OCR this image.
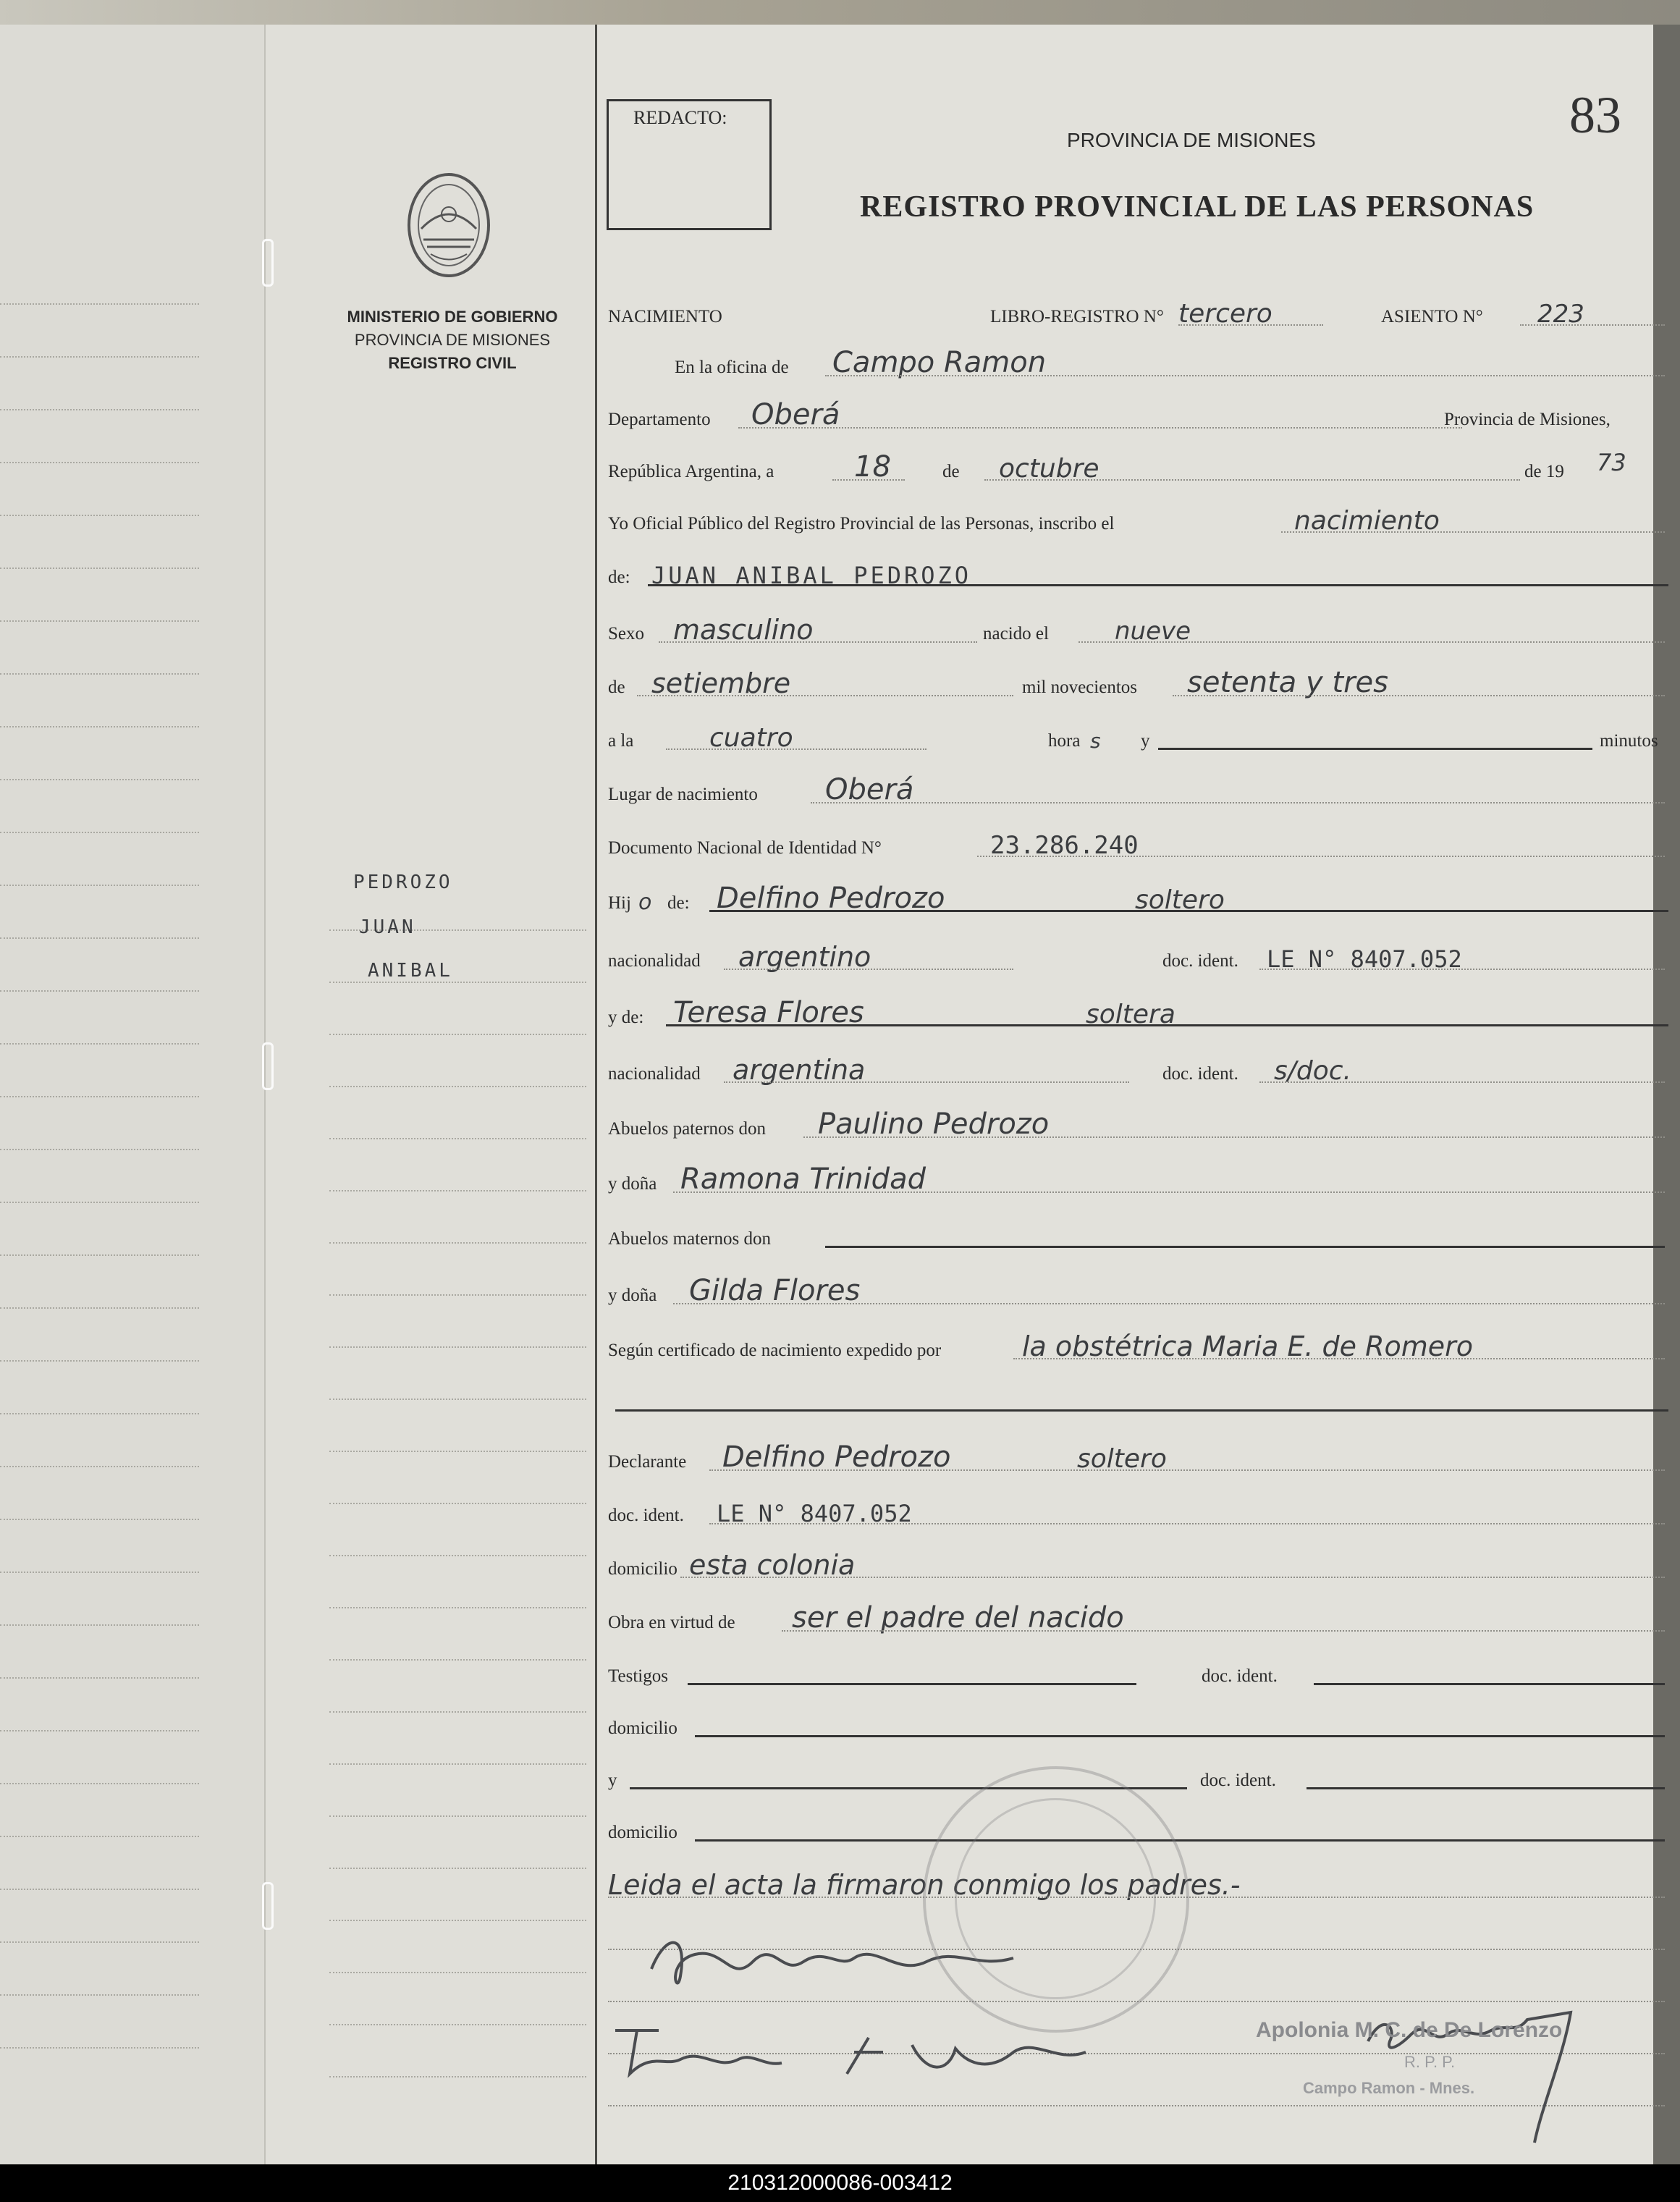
MINISTERIO DE GOBIERNO
PROVINCIA DE MISIONES
REGISTRO CIVIL
PEDROZO
JUAN
ANIBAL
REDACTO:	83
PROVINCIA DE MISIONES
REGISTRO PROVINCIAL DE LAS PERSONAS
NACIMIENTO	LIBRO-REGISTRO N° tercero	ASIENTO N° 223
En la oficina de Campo Ramon
Departamento Oberá	Provincia de Misiones,
República Argentina, a	18	de octubre	de 19 73
Yo Oficial Público del Registro Provincial de las Personas, inscribo el	nacimiento
de: JUAN ANIBAL PEDROZO
Sexo masculino	nacido el	nueve
de setiembre	mil novecientos setenta y tres
a la	cuatro	hora s y	minutos
Lugar de nacimiento Oberá
Documento Nacional de Identidad N°	23.286.240
Hij o de: Delfino Pedrozo	soltero
nacionalidad argentino	doc. ident. LE N° 8407.052
y de: Teresa Flores	soltera
nacionalidad argentina	doc. ident. s/doc.
Abuelos paternos don Paulino Pedrozo
y doña Ramona Trinidad
Abuelos maternos don
y doña Gilda Flores
Según certificado de nacimiento expedido por	la obstétrica Maria E. de Romero
Declarante Delfino Pedrozo	soltero
doc. ident. LE N° 8407.052
domicilio esta colonia
Obra en virtud de ser el padre del nacido
Testigos	doc. ident.
domicilio
y	doc. ident.
domicilio
Leida el acta la firmaron conmigo los padres.-
Apolonia M. C. de De Lorenzo
R. P. P.
Campo Ramon - Mnes.
210312000086-003412
